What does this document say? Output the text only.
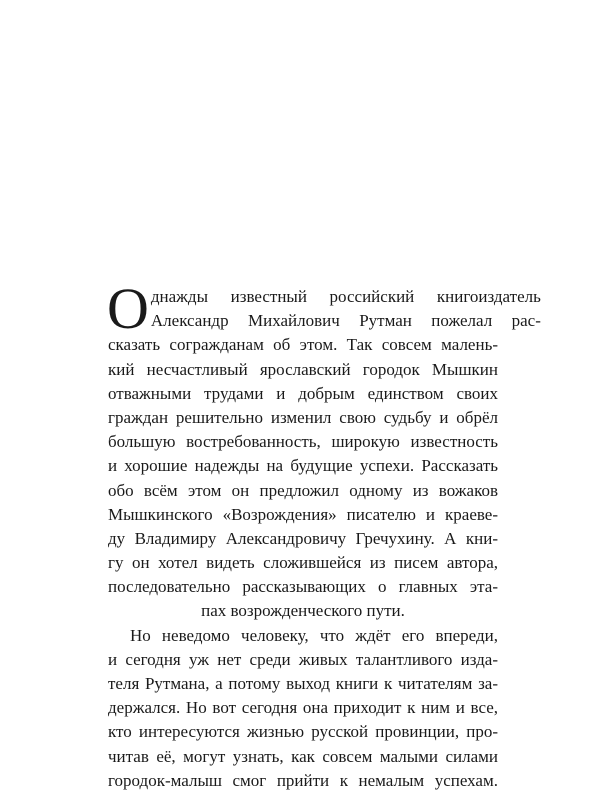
О днажды известный российский книгоиздатель
Александр Михайлович Рутман пожелал рас-
сказать согражданам об этом. Так совсем малень-
кий несчастливый ярославский городок Мышкин
отважными трудами и добрым единством своих
граждан решительно изменил свою судьбу и обрёл
большую востребованность, широкую известность
и хорошие надежды на будущие успехи. Рассказать
обо всём этом он предложил одному из вожаков
Мышкинского «Возрождения» писателю и краеве-
ду Владимиру Александровичу Гречухину. А кни-
гу он хотел видеть сложившейся из писем автора,
последовательно рассказывающих о главных эта-
пах возрожденческого пути.
Но неведомо человеку, что ждёт его впереди,
и сегодня уж нет среди живых талантливого изда-
теля Рутмана, а потому выход книги к читателям за-
держался. Но вот сегодня она приходит к ним и все,
кто интересуются жизнью русской провинции, про-
читав её, могут узнать, как совсем малыми силами
городок-малыш смог прийти к немалым успехам.
